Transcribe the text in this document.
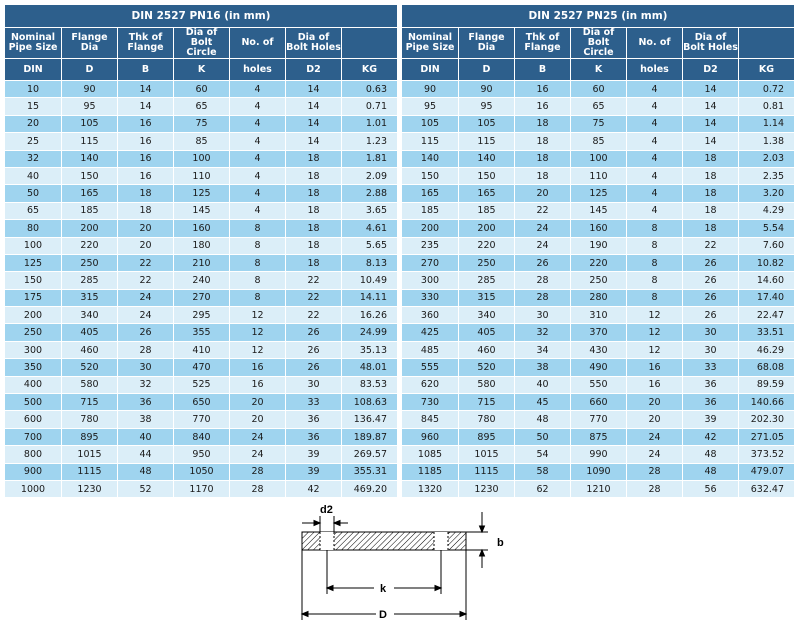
DIN 2527 PN16 (in mm)						
Nominal Pipe Size	Flange Dia	Thk of Flange	Dia of Bolt Circle	No. of	Dia of Bolt Holes	
DIN	D	B	K	holes	D2	KG
10	90	14	60	4	14	0.63
15	95	14	65	4	14	0.71
20	105	16	75	4	14	1.01
25	115	16	85	4	14	1.23
32	140	16	100	4	18	1.81
40	150	16	110	4	18	2.09
50	165	18	125	4	18	2.88
65	185	18	145	4	18	3.65
80	200	20	160	8	18	4.61
100	220	20	180	8	18	5.65
125	250	22	210	8	18	8.13
150	285	22	240	8	22	10.49
175	315	24	270	8	22	14.11
200	340	24	295	12	22	16.26
250	405	26	355	12	26	24.99
300	460	28	410	12	26	35.13
350	520	30	470	16	26	48.01
400	580	32	525	16	30	83.53
500	715	36	650	20	33	108.63
600	780	38	770	20	36	136.47
700	895	40	840	24	36	189.87
800	1015	44	950	24	39	269.57
900	1115	48	1050	28	39	355.31
1000	1230	52	1170	28	42	469.20
DIN 2527 PN25 (in mm)						
Nominal Pipe Size	Flange Dia	Thk of Flange	Dia of Bolt Circle	No. of	Dia of Bolt Holes	
DIN	D	B	K	holes	D2	KG
90	90	16	60	4	14	0.72
95	95	16	65	4	14	0.81
105	105	18	75	4	14	1.14
115	115	18	85	4	14	1.38
140	140	18	100	4	18	2.03
150	150	18	110	4	18	2.35
165	165	20	125	4	18	3.20
185	185	22	145	4	18	4.29
200	200	24	160	8	18	5.54
235	220	24	190	8	22	7.60
270	250	26	220	8	26	10.82
300	285	28	250	8	26	14.60
330	315	28	280	8	26	17.40
360	340	30	310	12	26	22.47
425	405	32	370	12	30	33.51
485	460	34	430	12	30	46.29
555	520	38	490	16	33	68.08
620	580	40	550	16	36	89.59
730	715	45	660	20	36	140.66
845	780	48	770	20	39	202.30
960	895	50	875	24	42	271.05
1085	1015	54	990	24	48	373.52
1185	1115	58	1090	28	48	479.07
1320	1230	62	1210	28	56	632.47
d2
b
k
D
